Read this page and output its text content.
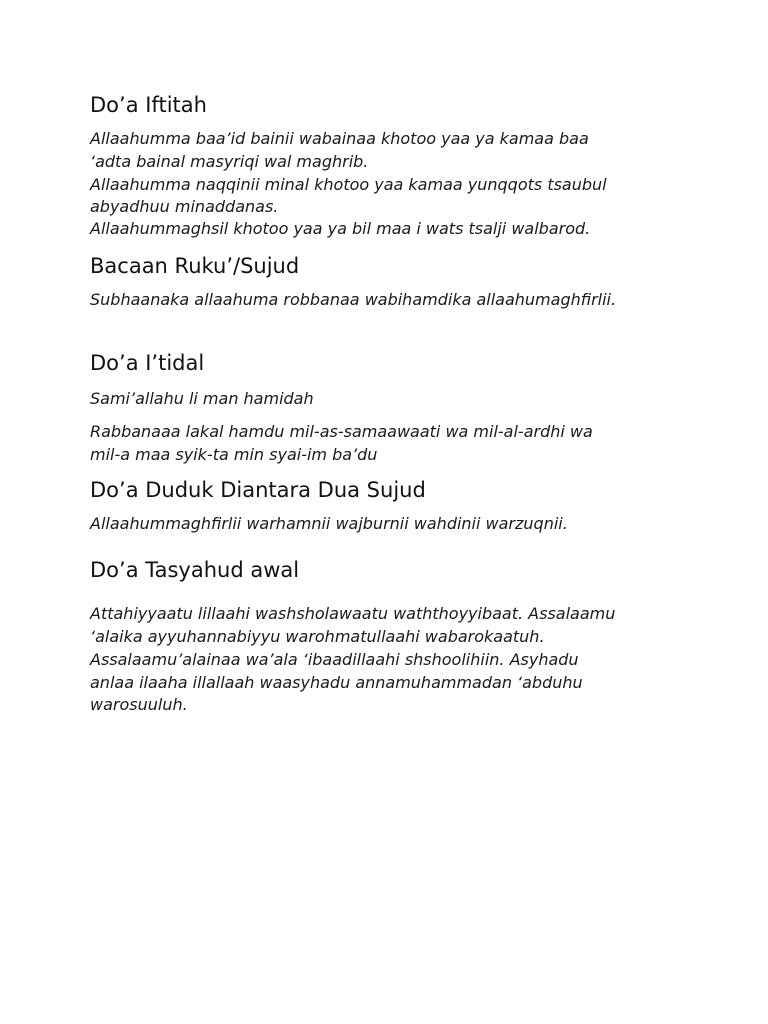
Do’a Iftitah

Allaahumma baa’id bainii wabainaa khotoo yaa ya kamaa baa

‘adta bainal masyriqi wal maghrib.

Allaahumma naqqinii minal khotoo yaa kamaa yunqqots tsaubul

abyadhuu minaddanas.

Allaahummaghsil khotoo yaa ya bil maa i wats tsalji walbarod.

Bacaan Ruku’/Sujud

Subhaanaka allaahuma robbanaa wabihamdika allaahumaghfirlii.

Do’a I’tidal

Sami’allahu li man hamidah

Rabbanaaa lakal hamdu mil-as-samaawaati wa mil-al-ardhi wa

mil-a maa syik-ta min syai-im ba’du

Do’a Duduk Diantara Dua Sujud

Allaahummaghfirlii warhamnii wajburnii wahdinii warzuqnii.

Do’a Tasyahud awal

Attahiyyaatu lillaahi washsholawaatu waththoyyibaat. Assalaamu

‘alaika ayyuhannabiyyu warohmatullaahi wabarokaatuh.

Assalaamu’alainaa wa’ala ‘ibaadillaahi shshoolihiin. Asyhadu

anlaa ilaaha illallaah waasyhadu annamuhammadan ‘abduhu

warosuuluh.
